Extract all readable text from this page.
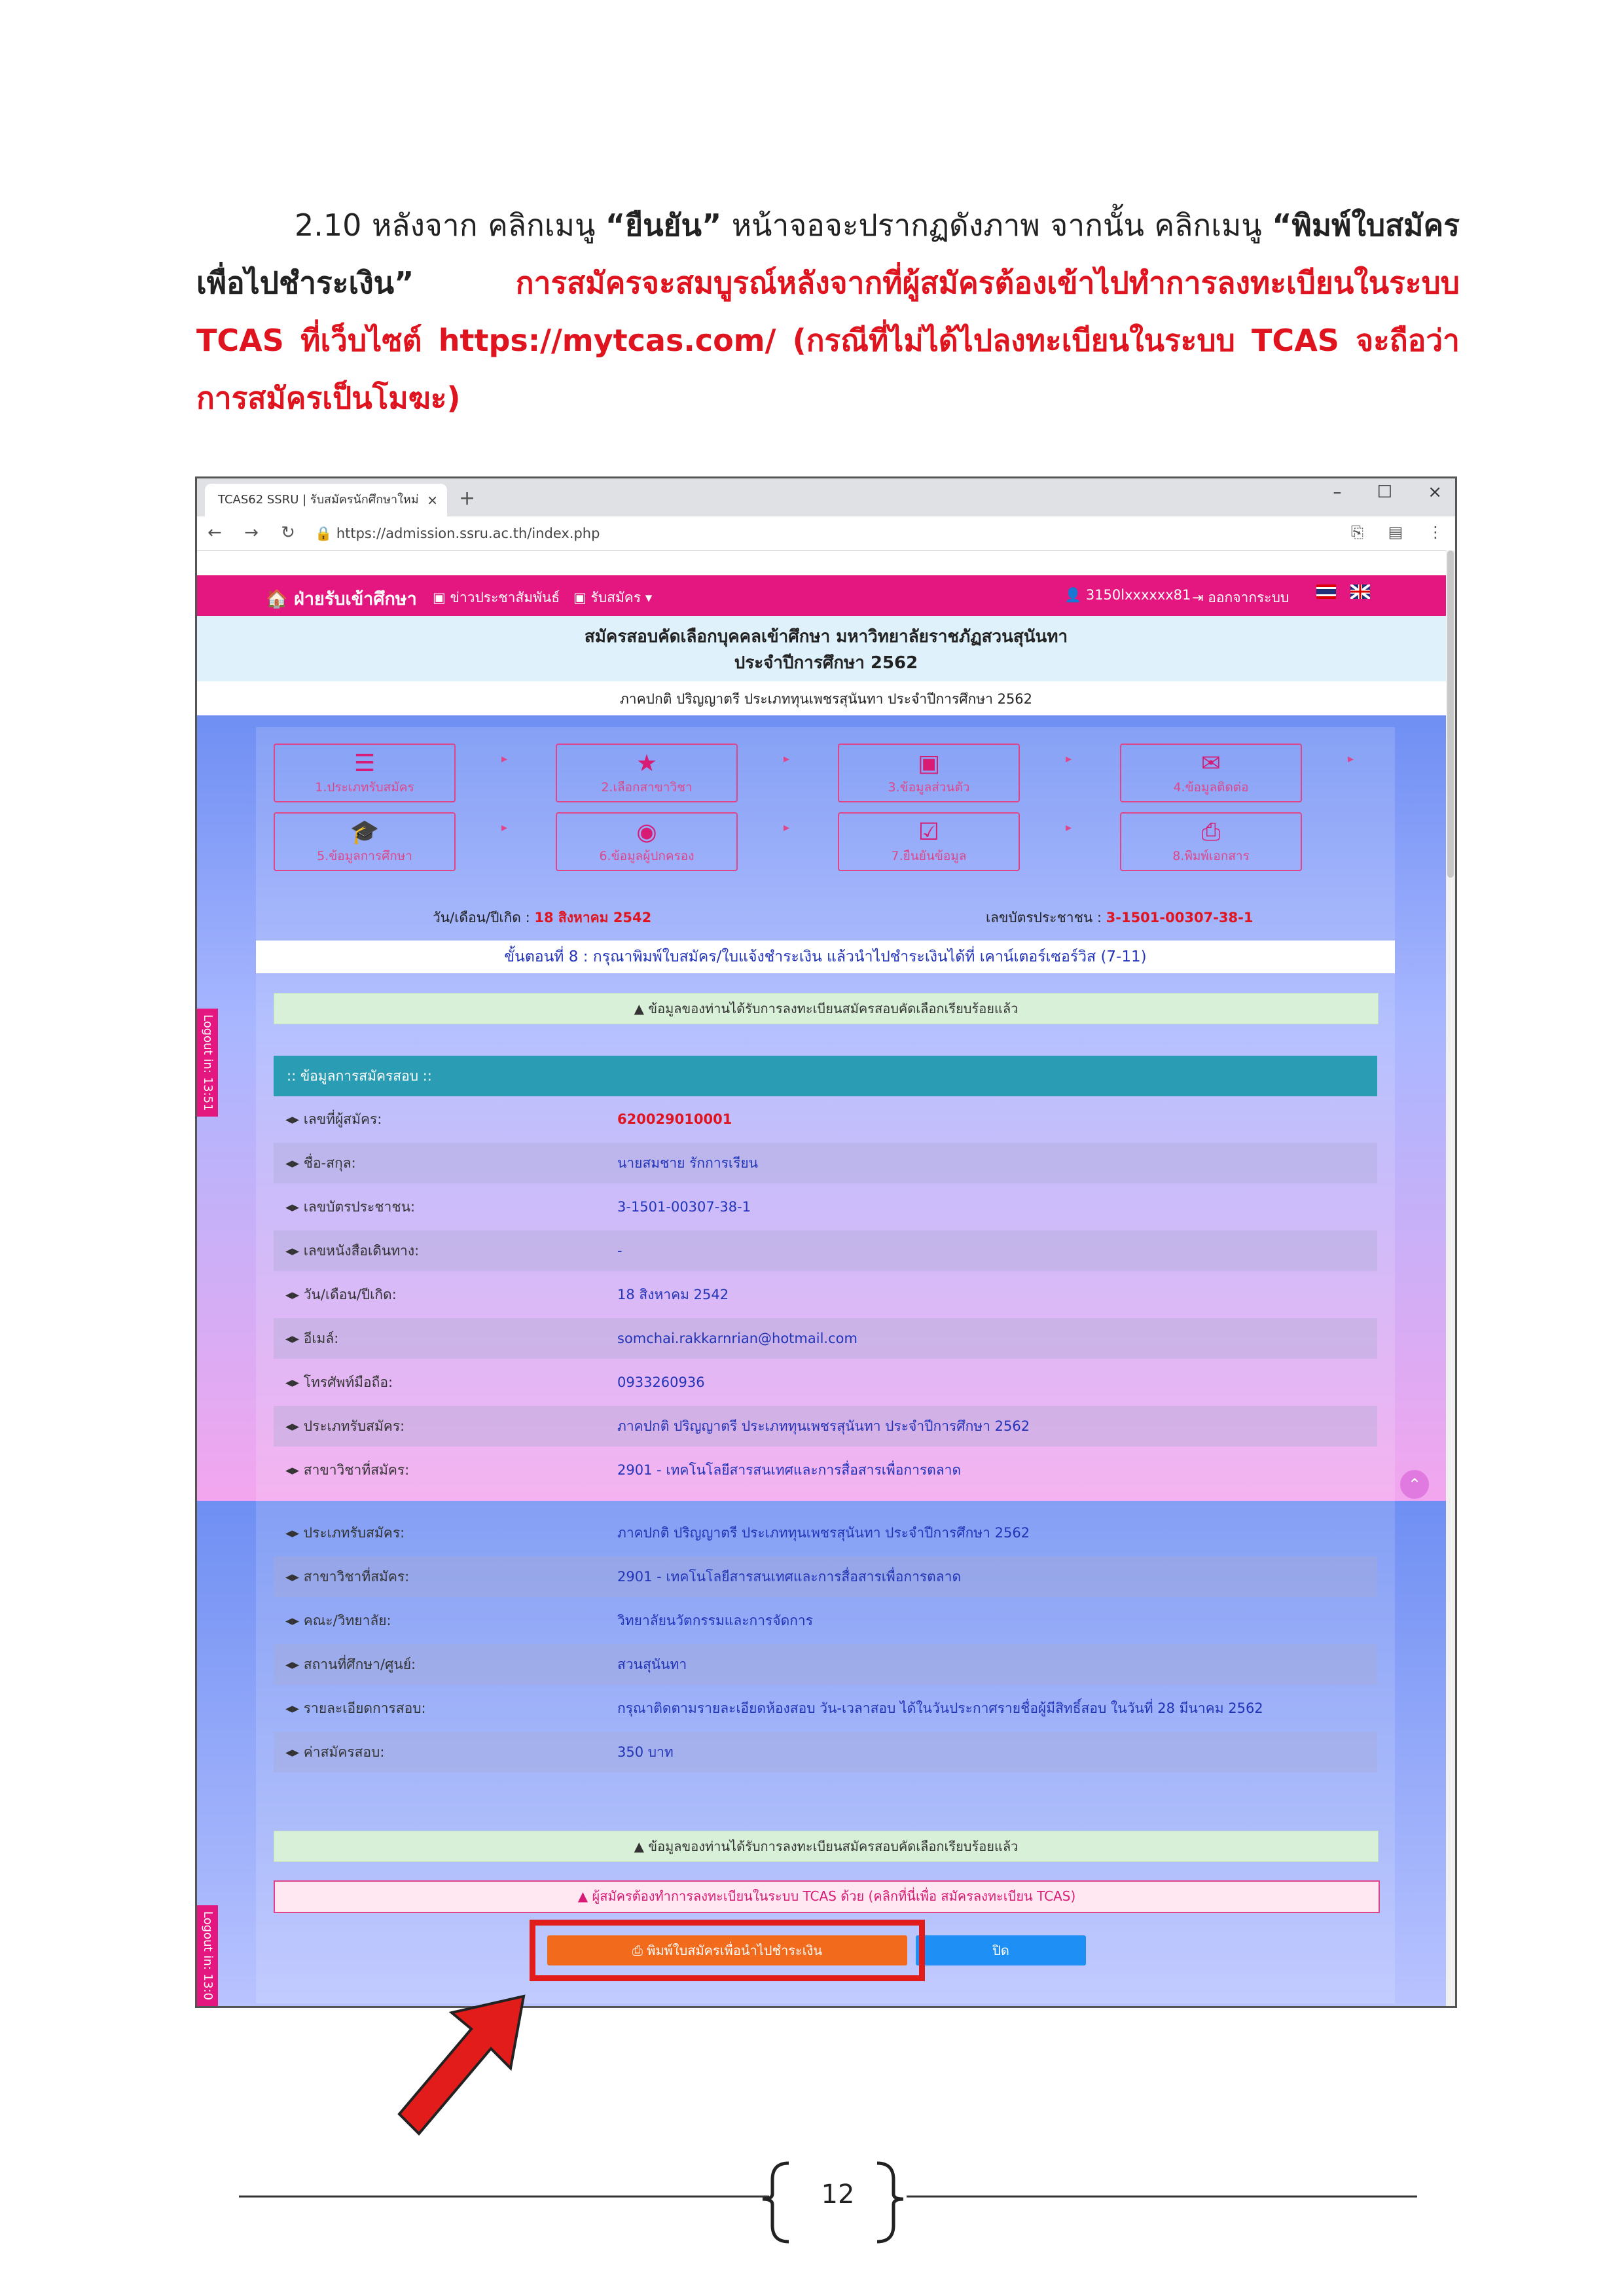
2.10 หลังจาก คลิกเมนู “ยืนยัน” หน้าจอจะปรากฏดังภาพ จากนั้น คลิกเมนู “พิมพ์ใบสมัครเพื่อไปชำระเงิน” การสมัครจะสมบูรณ์หลังจากที่ผู้สมัครต้องเข้าไปทำการลงทะเบียนในระบบ TCAS ที่เว็บไซต์ https://mytcas.com/ (กรณีที่ไม่ได้ไปลงทะเบียนในระบบ TCAS จะถือว่าการสมัครเป็นโมฆะ)

TCAS62 SSRU | รับสมัครนักศึกษาใหม่ × +	– ☐ ×
← → ↻	🔒 https://admission.ssru.ac.th/index.php	⎘ ▤ ⋮
🏠 ฝ่ายรับเข้าศึกษา ▣ ข่าวประชาสัมพันธ์ ▣ รับสมัคร ▾	👤 3150lxxxxxx81 ⇥ ออกจากระบบ

สมัครสอบคัดเลือกบุคคลเข้าศึกษา มหาวิทยาลัยราชภัฏสวนสุนันทา
ประจำปีการศึกษา 2562
ภาคปกติ ปริญญาตรี ประเภททุนเพชรสุนันทา ประจำปีการศึกษา 2562
☰
1.ประเภทรับสมัคร
★
2.เลือกสาขาวิชา
▣
3.ข้อมูลส่วนตัว
✉
4.ข้อมูลติดต่อ
🎓
5.ข้อมูลการศึกษา
◉
6.ข้อมูลผู้ปกครอง
☑
7.ยืนยันข้อมูล
⎙
8.พิมพ์เอกสาร
▸	▸	▸	▸
▸	▸	▸
วัน/เดือน/ปีเกิด : 18 สิงหาคม 2542	เลขบัตรประชาชน : 3-1501-00307-38-1
ขั้นตอนที่ 8 : กรุณาพิมพ์ใบสมัคร/ใบแจ้งชำระเงิน แล้วนำไปชำระเงินได้ที่ เคาน์เตอร์เซอร์วิส (7-11)
▲ ข้อมูลของท่านได้รับการลงทะเบียนสมัครสอบคัดเลือกเรียบร้อยแล้ว
:: ข้อมูลการสมัครสอบ ::
◂▸ เลขที่ผู้สมัคร:	620029010001
◂▸ ชื่อ-สกุล:	นายสมชาย รักการเรียน
◂▸ เลขบัตรประชาชน:	3-1501-00307-38-1
◂▸ เลขหนังสือเดินทาง:	-
◂▸ วัน/เดือน/ปีเกิด:	18 สิงหาคม 2542
◂▸ อีเมล์:	somchai.rakkarnrian@hotmail.com
◂▸ โทรศัพท์มือถือ:	0933260936
◂▸ ประเภทรับสมัคร:	ภาคปกติ ปริญญาตรี ประเภททุนเพชรสุนันทา ประจำปีการศึกษา 2562
◂▸ สาขาวิชาที่สมัคร:	2901 - เทคโนโลยีสารสนเทศและการสื่อสารเพื่อการตลาด
◂▸ ประเภทรับสมัคร:	ภาคปกติ ปริญญาตรี ประเภททุนเพชรสุนันทา ประจำปีการศึกษา 2562
◂▸ สาขาวิชาที่สมัคร:	2901 - เทคโนโลยีสารสนเทศและการสื่อสารเพื่อการตลาด
◂▸ คณะ/วิทยาลัย:	วิทยาลัยนวัตกรรมและการจัดการ
◂▸ สถานที่ศึกษา/ศูนย์:	สวนสุนันทา
◂▸ รายละเอียดการสอบ:	กรุณาติดตามรายละเอียดห้องสอบ วัน-เวลาสอบ ได้ในวันประกาศรายชื่อผู้มีสิทธิ์สอบ ในวันที่ 28 มีนาคม 2562
◂▸ ค่าสมัครสอบ:	350 บาท
▲ ข้อมูลของท่านได้รับการลงทะเบียนสมัครสอบคัดเลือกเรียบร้อยแล้ว
▲ ผู้สมัครต้องทำการลงทะเบียนในระบบ TCAS ด้วย (คลิกที่นี่เพื่อ สมัครลงทะเบียน TCAS)
⎙ พิมพ์ใบสมัครเพื่อนำไปชำระเงิน	ปิด
Logout in: 13:51
Logout in: 13:0
⌃
12
